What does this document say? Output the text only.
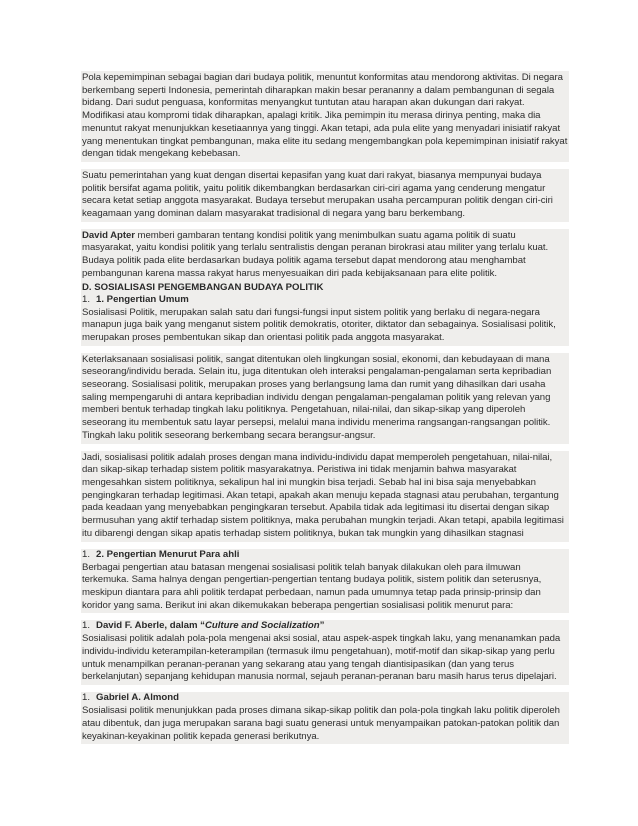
Pola kepemimpinan sebagai bagian dari budaya politik, menuntut konformitas atau mendorong aktivitas. Di negara berkembang seperti Indonesia, pemerintah diharapkan makin besar perananny a dalam pembangunan di segala bidang. Dari sudut penguasa, konformitas menyangkut tuntutan atau harapan akan dukungan dari rakyat. Modifikasi atau kompromi tidak diharapkan, apalagi kritik. Jika pemimpin itu merasa dirinya penting, maka dia menuntut rakyat menunjukkan kesetiaannya yang tinggi. Akan tetapi, ada pula elite yang menyadari inisiatif rakyat yang menentukan tingkat pembangunan, maka elite itu sedang mengembangkan pola kepemimpinan inisiatif rakyat dengan tidak mengekang kebebasan.
Suatu pemerintahan yang kuat dengan disertai kepasifan yang kuat dari rakyat, biasanya mempunyai budaya politik bersifat agama politik, yaitu politik dikembangkan berdasarkan ciri-ciri agama yang cenderung mengatur secara ketat setiap anggota masyarakat. Budaya tersebut merupakan usaha percampuran politik dengan ciri-ciri keagamaan yang dominan dalam masyarakat tradisional di negara yang baru berkembang.
David Apter memberi gambaran tentang kondisi politik yang menimbulkan suatu agama politik di suatu masyarakat, yaitu kondisi politik yang terlalu sentralistis dengan peranan birokrasi atau militer yang terlalu kuat. Budaya politik pada elite berdasarkan budaya politik agama tersebut dapat mendorong atau menghambat pembangunan karena massa rakyat harus menyesuaikan diri pada kebijaksanaan para elite politik.
D. SOSIALISASI PENGEMBANGAN BUDAYA POLITIK
1. 1. Pengertian Umum
Sosialisasi Politik, merupakan salah satu dari fungsi-fungsi input sistem politik yang berlaku di negara-negara manapun juga baik yang menganut sistem politik demokratis, otoriter, diktator dan sebagainya. Sosialisasi politik, merupakan proses pembentukan sikap dan orientasi politik pada anggota masyarakat.
Keterlaksanaan sosialisasi politik, sangat ditentukan oleh lingkungan sosial, ekonomi, dan kebudayaan di mana seseorang/individu berada. Selain itu, juga ditentukan oleh interaksi pengalaman-pengalaman serta kepribadian seseorang. Sosialisasi politik, merupakan proses yang berlangsung lama dan rumit yang dihasilkan dari usaha saling mempengaruhi di antara kepribadian individu dengan pengalaman-pengalaman politik yang relevan yang memberi bentuk terhadap tingkah laku politiknya. Pengetahuan, nilai-nilai, dan sikap-sikap yang diperoleh seseorang itu membentuk satu layar persepsi, melalui mana individu menerima rangsangan-rangsangan politik. Tingkah laku politik seseorang berkembang secara berangsur-angsur.
Jadi, sosialisasi politik adalah proses dengan mana individu-individu dapat memperoleh pengetahuan, nilai-nilai, dan sikap-sikap terhadap sistem politik masyarakatnya. Peristiwa ini tidak menjamin bahwa masyarakat mengesahkan sistem politiknya, sekalipun hal ini mungkin bisa terjadi. Sebab hal ini bisa saja menyebabkan pengingkaran terhadap legitimasi. Akan tetapi, apakah akan menuju kepada stagnasi atau perubahan, tergantung pada keadaan yang menyebabkan pengingkaran tersebut. Apabila tidak ada legitimasi itu disertai dengan sikap bermusuhan yang aktif terhadap sistem politiknya, maka perubahan mungkin terjadi. Akan tetapi, apabila legitimasi itu dibarengi dengan sikap apatis terhadap sistem politiknya, bukan tak mungkin yang dihasilkan stagnasi
1. 2. Pengertian Menurut Para ahli
Berbagai pengertian atau batasan mengenai sosialisasi politik telah banyak dilakukan oleh para ilmuwan terkemuka. Sama halnya dengan pengertian-pengertian tentang budaya politik, sistem politik dan seterusnya, meskipun diantara para ahli politik terdapat perbedaan, namun pada umumnya tetap pada prinsip-prinsip dan koridor yang sama. Berikut ini akan dikemukakan beberapa pengertian sosialisasi politik menurut para:
1. David F. Aberle, dalam “Culture and Socialization”
Sosialisasi politik adalah pola-pola mengenai aksi sosial, atau aspek-aspek tingkah laku, yang menanamkan pada individu-individu keterampilan-keterampilan (termasuk ilmu pengetahuan), motif-motif dan sikap-sikap yang perlu untuk menampilkan peranan-peranan yang sekarang atau yang tengah diantisipasikan (dan yang terus berkelanjutan) sepanjang kehidupan manusia normal, sejauh peranan-peranan baru masih harus terus dipelajari.
1. Gabriel A. Almond
Sosialisasi politik menunjukkan pada proses dimana sikap-sikap politik dan pola-pola tingkah laku politik diperoleh atau dibentuk, dan juga merupakan sarana bagi suatu generasi untuk menyampaikan patokan-patokan politik dan keyakinan-keyakinan politik kepada generasi berikutnya.
